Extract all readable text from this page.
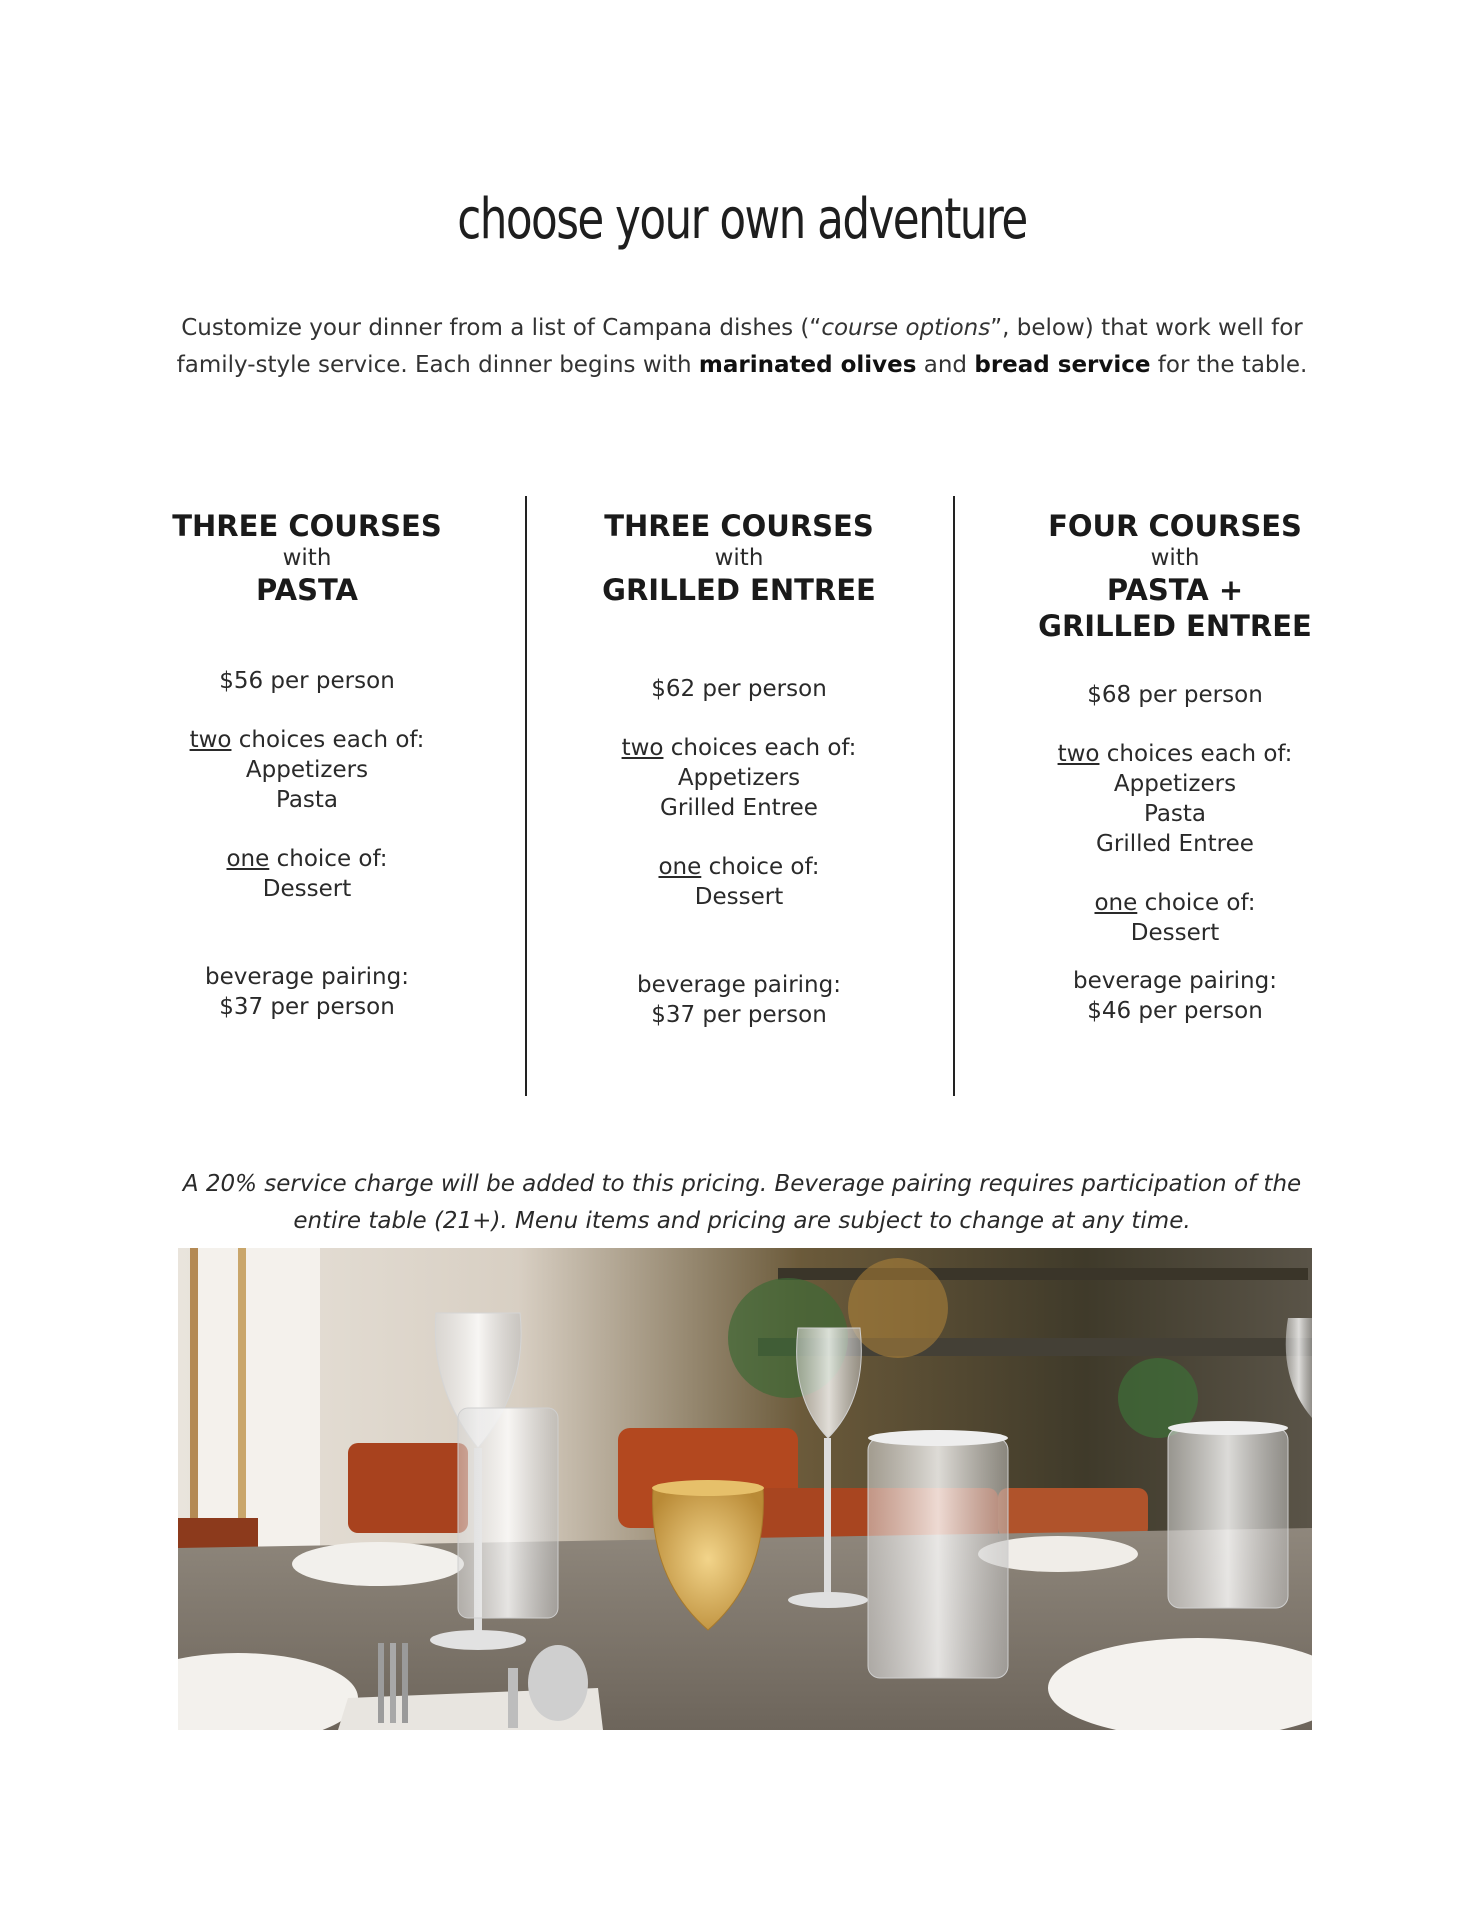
choose your own adventure

Customize your dinner from a list of Campana dishes (“course options”, below) that work well for family-style service. Each dinner begins with marinated olives and bread service for the table.

THREE COURSES
with
PASTA
$56 per person
two choices each of:
Appetizers
Pasta
one choice of:
Dessert
beverage pairing:
$37 per person
THREE COURSES
with
GRILLED ENTREE
$62 per person
two choices each of:
Appetizers
Grilled Entree
one choice of:
Dessert
beverage pairing:
$37 per person
FOUR COURSES
with
PASTA +
GRILLED ENTREE
$68 per person
two choices each of:
Appetizers
Pasta
Grilled Entree
one choice of:
Dessert
beverage pairing:
$46 per person

A 20% service charge will be added to this pricing. Beverage pairing requires participation of the entire table (21+). Menu items and pricing are subject to change at any time.
